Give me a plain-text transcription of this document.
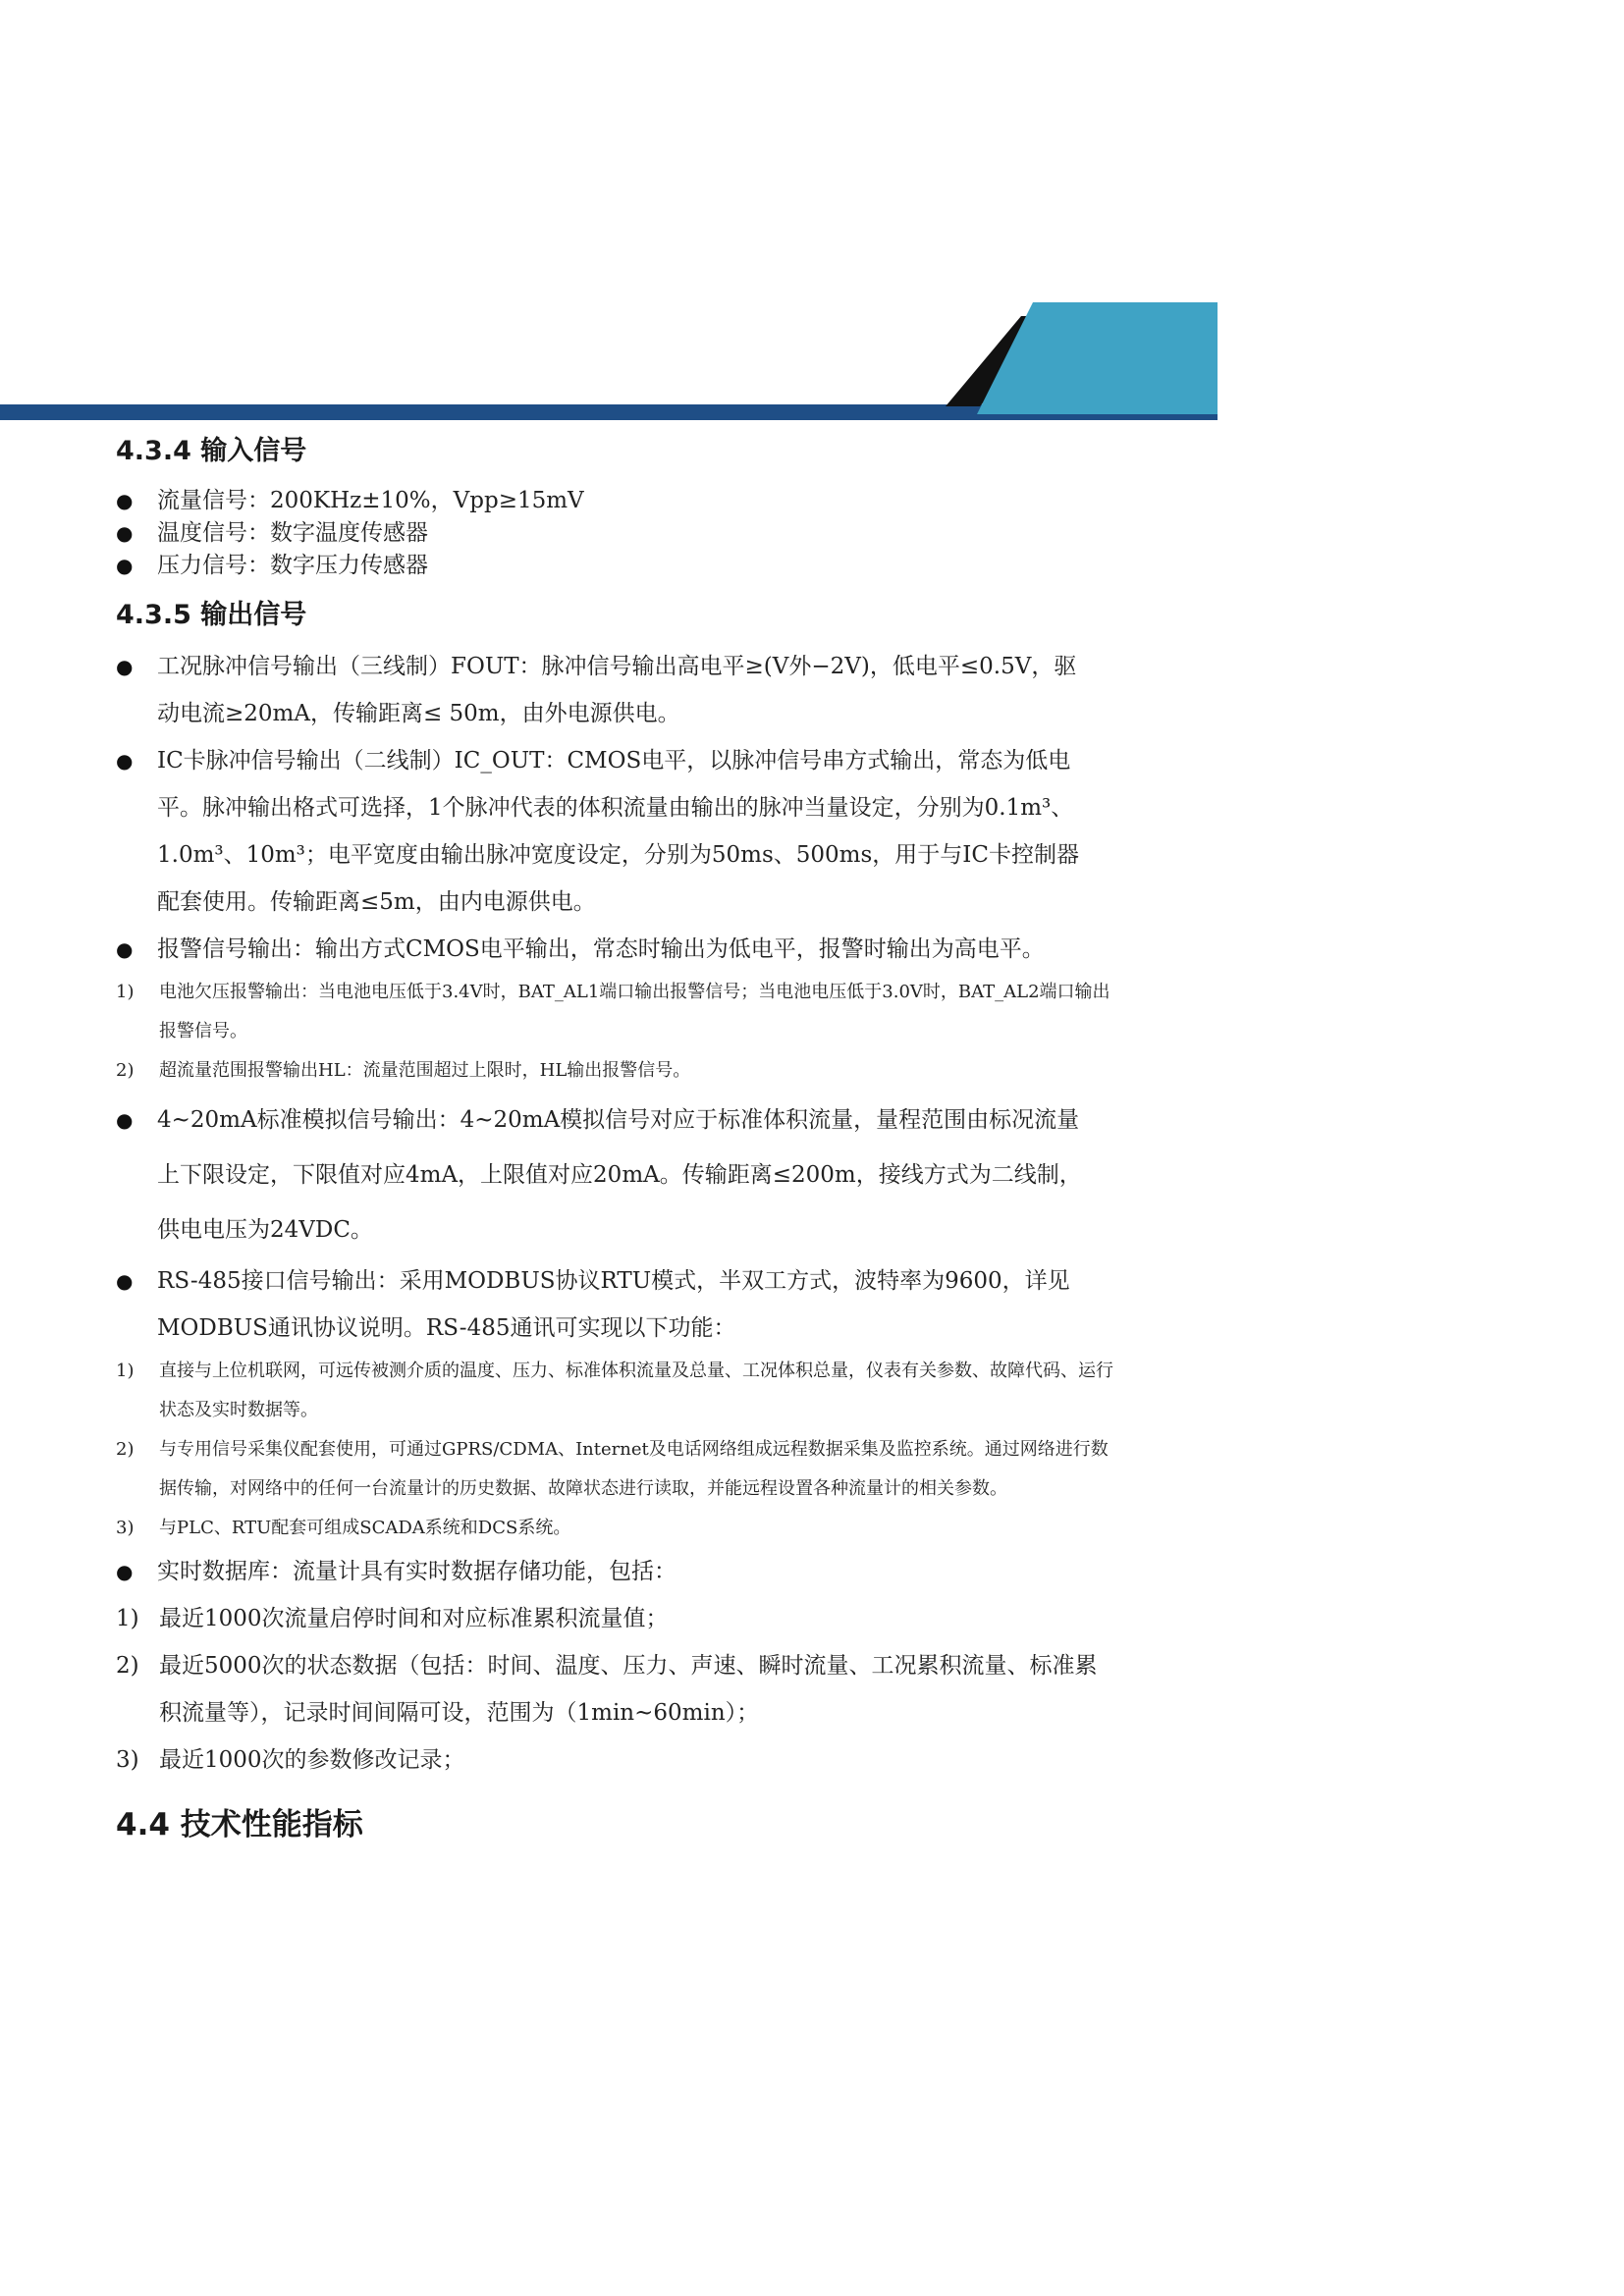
4.3.4 输入信号
● 流量信号：200KHz±10%，Vpp≥15mV
● 温度信号：数字温度传感器
● 压力信号：数字压力传感器
4.3.5 输出信号
● 工况脉冲信号输出（三线制）FOUT：脉冲信号输出高电平≥(V外−2V)，低电平≤0.5V，驱动电流≥20mA，传输距离≤ 50m，由外电源供电。
● IC卡脉冲信号输出（二线制）IC_OUT：CMOS电平，以脉冲信号串方式输出，常态为低电平。脉冲输出格式可选择，1个脉冲代表的体积流量由输出的脉冲当量设定，分别为0.1m³、1.0m³、10m³；电平宽度由输出脉冲宽度设定，分别为50ms、500ms，用于与IC卡控制器配套使用。传输距离≤5m，由内电源供电。
● 报警信号输出：输出方式CMOS电平输出，常态时输出为低电平，报警时输出为高电平。
1) 电池欠压报警输出：当电池电压低于3.4V时，BAT_AL1端口输出报警信号；当电池电压低于3.0V时，BAT_AL2端口输出报警信号。
2) 超流量范围报警输出HL：流量范围超过上限时，HL输出报警信号。
● 4~20mA标准模拟信号输出：4~20mA模拟信号对应于标准体积流量，量程范围由标况流量上下限设定，下限值对应4mA，上限值对应20mA。传输距离≤200m，接线方式为二线制，供电电压为24VDC。
● RS-485接口信号输出：采用MODBUS协议RTU模式，半双工方式，波特率为9600，详见MODBUS通讯协议说明。RS-485通讯可实现以下功能：
1) 直接与上位机联网，可远传被测介质的温度、压力、标准体积流量及总量、工况体积总量，仪表有关参数、故障代码、运行状态及实时数据等。
2) 与专用信号采集仪配套使用，可通过GPRS/CDMA、Internet及电话网络组成远程数据采集及监控系统。通过网络进行数据传输，对网络中的任何一台流量计的历史数据、故障状态进行读取，并能远程设置各种流量计的相关参数。
3) 与PLC、RTU配套可组成SCADA系统和DCS系统。
● 实时数据库：流量计具有实时数据存储功能，包括：
1) 最近1000次流量启停时间和对应标准累积流量值；
2) 最近5000次的状态数据（包括：时间、温度、压力、声速、瞬时流量、工况累积流量、标准累积流量等），记录时间间隔可设，范围为（1min~60min）；
3) 最近1000次的参数修改记录；
4.4 技术性能指标
